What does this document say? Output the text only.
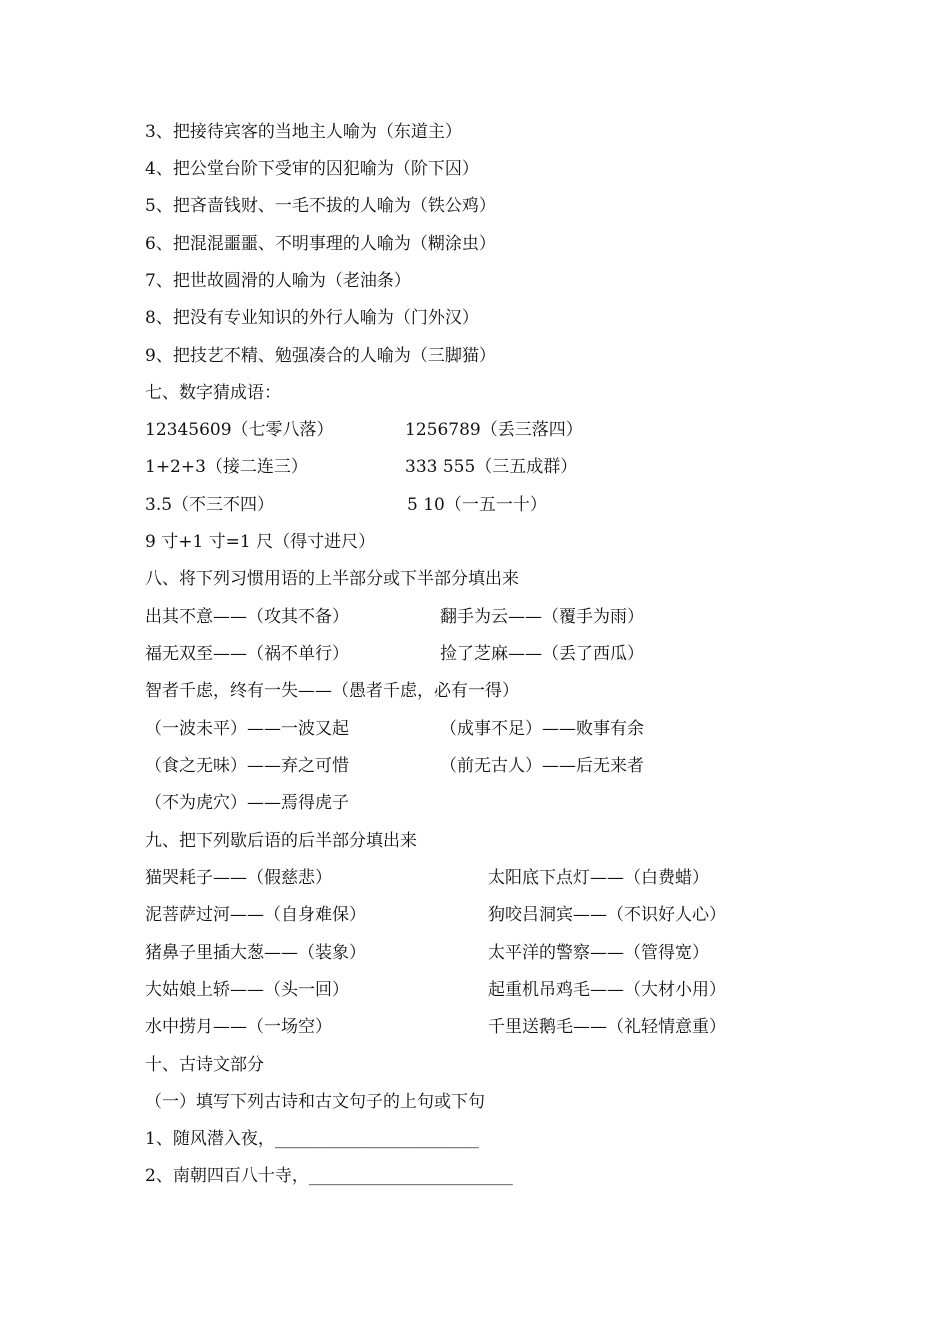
3、把接待宾客的当地主人喻为（东道主）
4、把公堂台阶下受审的囚犯喻为（阶下囚）
5、把吝啬钱财、一毛不拔的人喻为（铁公鸡）
6、把混混噩噩、不明事理的人喻为（糊涂虫）
7、把世故圆滑的人喻为（老油条）
8、把没有专业知识的外行人喻为（门外汉）
9、把技艺不精、勉强凑合的人喻为（三脚猫）
七、数字猜成语：
12345609（七零八落）	1256789（丢三落四）
1+2+3（接二连三）	333 555（三五成群）
3.5（不三不四）	5 10（一五一十）
9 寸+1 寸=1 尺（得寸进尺）
八、将下列习惯用语的上半部分或下半部分填出来
出其不意——（攻其不备）	翻手为云——（覆手为雨）
福无双至——（祸不单行）	捡了芝麻——（丢了西瓜）
智者千虑，终有一失——（愚者千虑，必有一得）
（一波未平）——一波又起	（成事不足）——败事有余
（食之无味）——弃之可惜	（前无古人）——后无来者
（不为虎穴）——焉得虎子
九、把下列歇后语的后半部分填出来
猫哭耗子——（假慈悲）	太阳底下点灯——（白费蜡）
泥菩萨过河——（自身难保）	狗咬吕洞宾——（不识好人心）
猪鼻子里插大葱——（装象）	太平洋的警察——（管得宽）
大姑娘上轿——（头一回）	起重机吊鸡毛——（大材小用）
水中捞月——（一场空）	千里送鹅毛——（礼轻情意重）
十、古诗文部分
（一）填写下列古诗和古文句子的上句或下句
1、随风潜入夜，________________________
2、南朝四百八十寺，________________________
